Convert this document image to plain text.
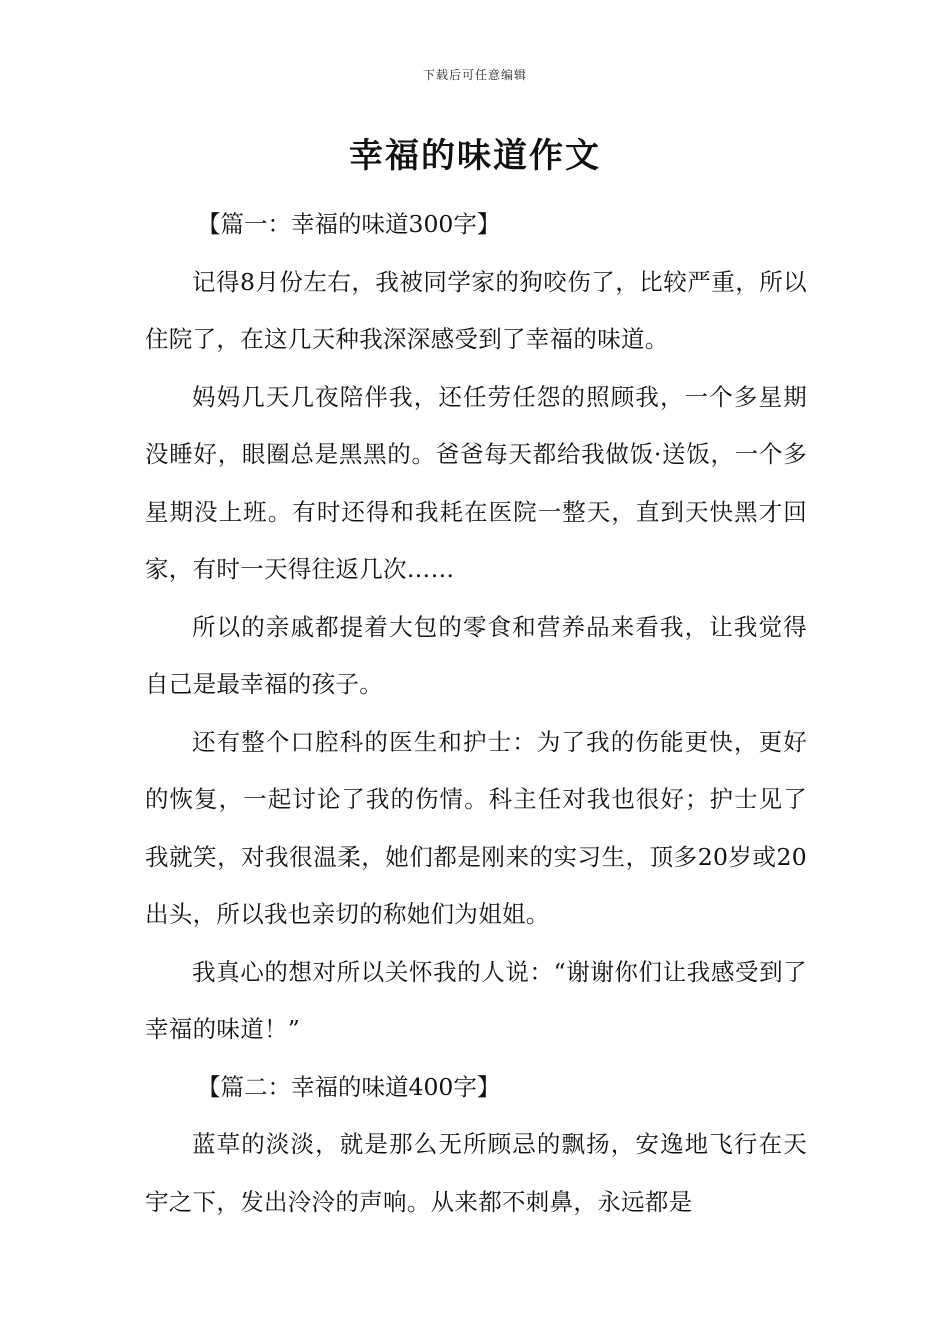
下载后可任意编辑
幸福的味道作文
【篇一：幸福的味道300字】
记得8月份左右，我被同学家的狗咬伤了，比较严重，所以住院了，在这几天种我深深感受到了幸福的味道。
妈妈几天几夜陪伴我，还任劳任怨的照顾我，一个多星期没睡好，眼圈总是黑黑的。爸爸每天都给我做饭·送饭，一个多星期没上班。有时还得和我耗在医院一整天，直到天快黑才回家，有时一天得往返几次……
所以的亲戚都提着大包的零食和营养品来看我，让我觉得自己是最幸福的孩子。
还有整个口腔科的医生和护士：为了我的伤能更快，更好的恢复，一起讨论了我的伤情。科主任对我也很好；护士见了我就笑，对我很温柔，她们都是刚来的实习生，顶多20岁或20出头，所以我也亲切的称她们为姐姐。
我真心的想对所以关怀我的人说：“谢谢你们让我感受到了幸福的味道！”
【篇二：幸福的味道400字】
蓝草的淡淡，就是那么无所顾忌的飘扬，安逸地飞行在天宇之下，发出泠泠的声响。从来都不刺鼻，永远都是
